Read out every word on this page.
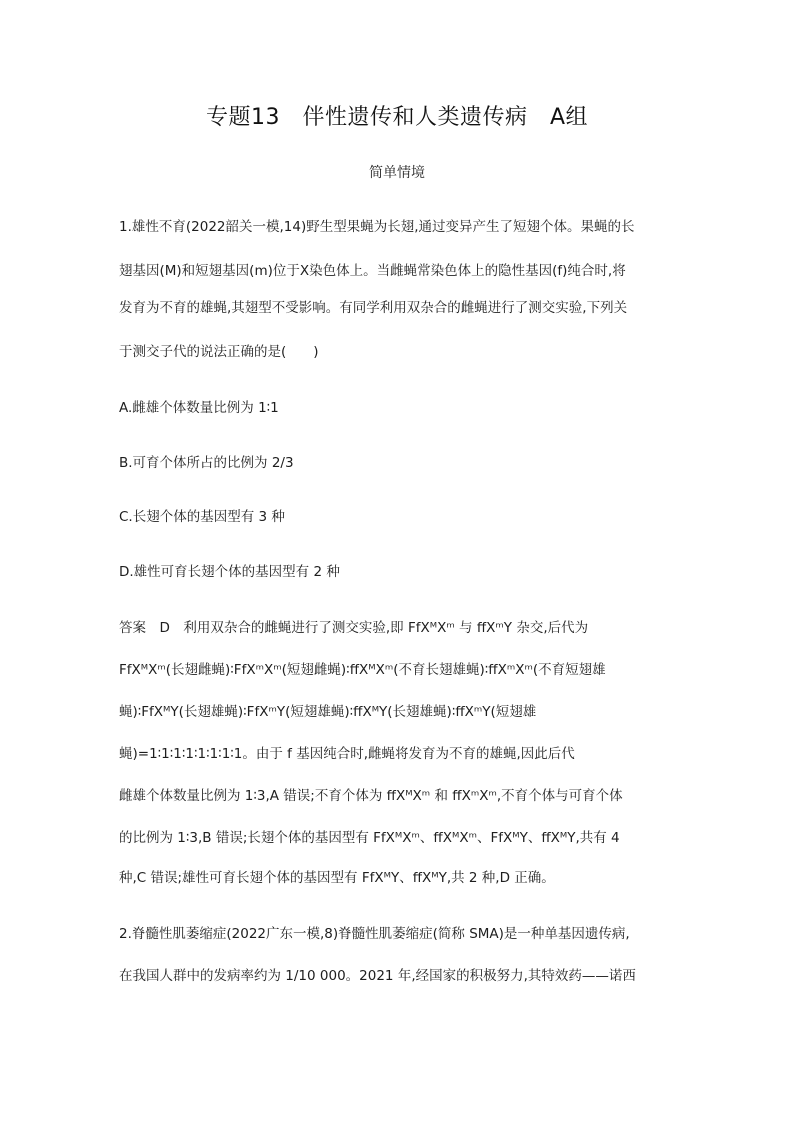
专题13　伴性遗传和人类遗传病　A组
简单情境
1.雄性不育(2022韶关一模,14)野生型果蝇为长翅,通过变异产生了短翅个体。果蝇的长
翅基因(M)和短翅基因(m)位于X染色体上。当雌蝇常染色体上的隐性基因(f)纯合时,将
发育为不育的雄蝇,其翅型不受影响。有同学利用双杂合的雌蝇进行了测交实验,下列关
于测交子代的说法正确的是(　　)
A.雌雄个体数量比例为 1∶1
B.可育个体所占的比例为 2/3
C.长翅个体的基因型有 3 种
D.雄性可育长翅个体的基因型有 2 种
答案　D　利用双杂合的雌蝇进行了测交实验,即 FfXᴹXᵐ 与 ffXᵐY 杂交,后代为
FfXᴹXᵐ(长翅雌蝇)∶FfXᵐXᵐ(短翅雌蝇)∶ffXᴹXᵐ(不育长翅雄蝇)∶ffXᵐXᵐ(不育短翅雄
蝇)∶FfXᴹY(长翅雄蝇)∶FfXᵐY(短翅雄蝇)∶ffXᴹY(长翅雄蝇)∶ffXᵐY(短翅雄
蝇)=1∶1∶1∶1∶1∶1∶1∶1。由于 f 基因纯合时,雌蝇将发育为不育的雄蝇,因此后代
雌雄个体数量比例为 1∶3,A 错误;不育个体为 ffXᴹXᵐ 和 ffXᵐXᵐ,不育个体与可育个体
的比例为 1∶3,B 错误;长翅个体的基因型有 FfXᴹXᵐ、ffXᴹXᵐ、FfXᴹY、ffXᴹY,共有 4
种,C 错误;雄性可育长翅个体的基因型有 FfXᴹY、ffXᴹY,共 2 种,D 正确。
2.脊髓性肌萎缩症(2022广东一模,8)脊髓性肌萎缩症(简称 SMA)是一种单基因遗传病,
在我国人群中的发病率约为 1/10 000。2021 年,经国家的积极努力,其特效药——诺西
